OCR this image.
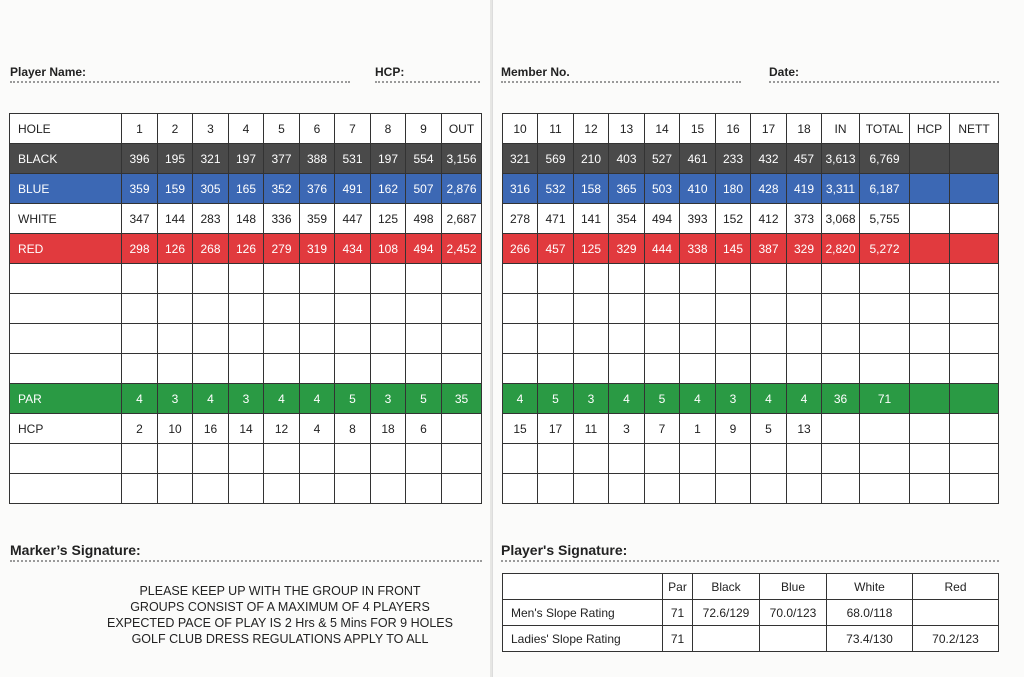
Player Name:	HCP:	Member No.	Date:
HOLE	1	2	3	4	5	6	7	8	9	OUT
BLACK	396	195	321	197	377	388	531	197	554	3,156
BLUE	359	159	305	165	352	376	491	162	507	2,876
WHITE	347	144	283	148	336	359	447	125	498	2,687
RED	298	126	268	126	279	319	434	108	494	2,452

PAR	4	3	4	3	4	4	5	3	5	35
HCP	2	10	16	14	12	4	8	18	6	

10	11	12	13	14	15	16	17	18	IN	TOTAL	HCP	NETT
321	569	210	403	527	461	233	432	457	3,613	6,769		
316	532	158	365	503	410	180	428	419	3,311	6,187		
278	471	141	354	494	393	152	412	373	3,068	5,755		
266	457	125	329	444	338	145	387	329	2,820	5,272		

4	5	3	4	5	4	3	4	4	36	71		
15	17	11	3	7	1	9	5	13				

Marker’s Signature:	Player's Signature:
PLEASE KEEP UP WITH THE GROUP IN FRONT
GROUPS CONSIST OF A MAXIMUM OF 4 PLAYERS
EXPECTED PACE OF PLAY IS 2 Hrs & 5 Mins FOR 9 HOLES
GOLF CLUB DRESS REGULATIONS APPLY TO ALL
	Par	Black	Blue	White	Red
Men's Slope Rating	71	72.6/129	70.0/123	68.0/118	
Ladies' Slope Rating	71			73.4/130	70.2/123
